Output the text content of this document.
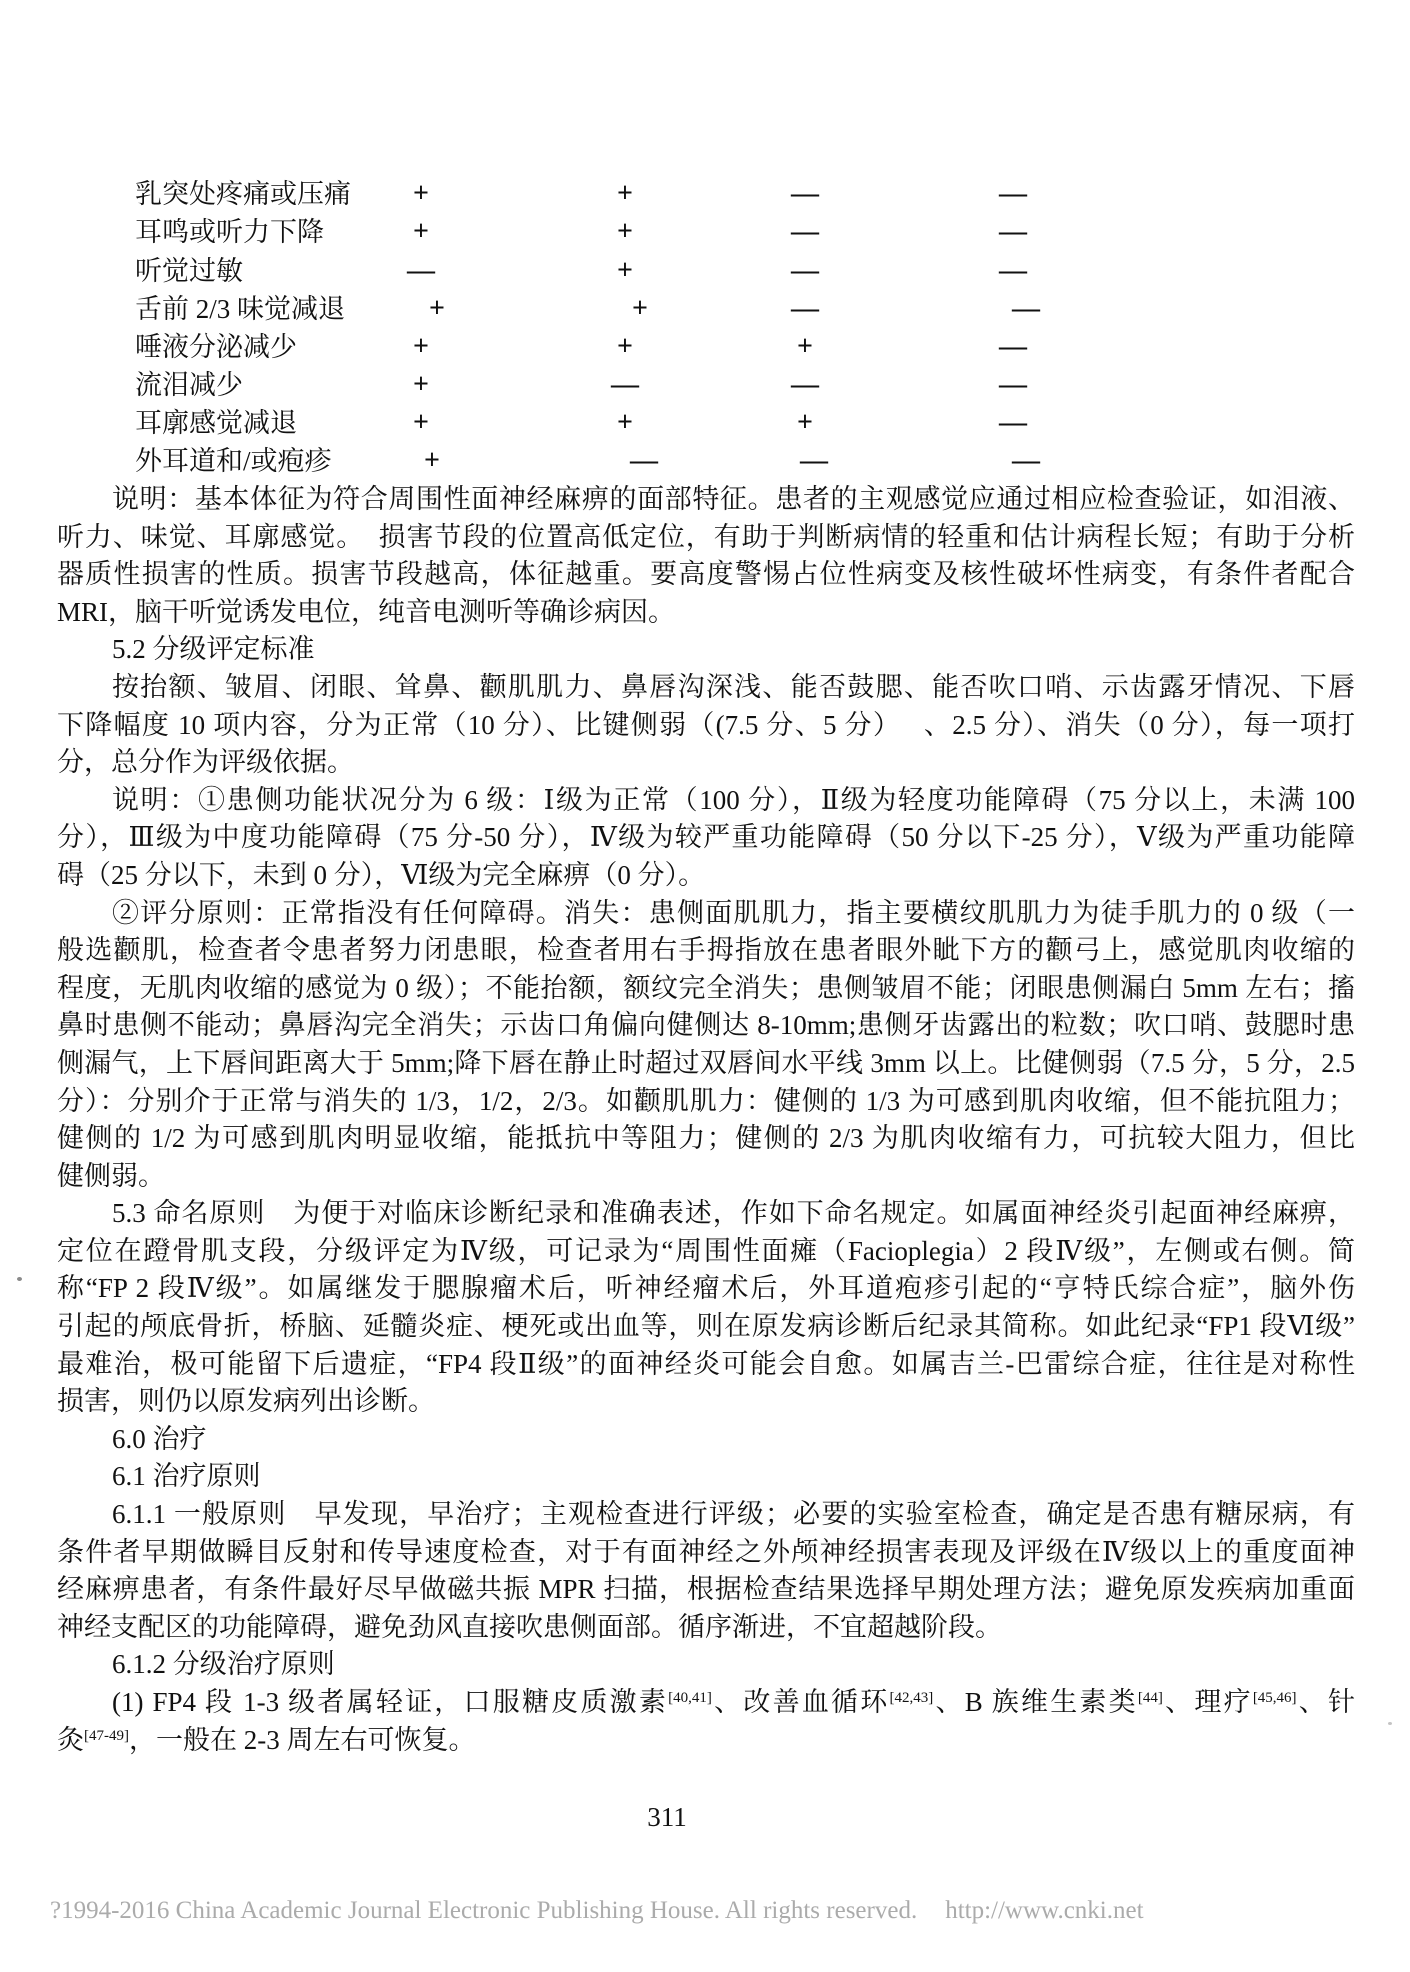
乳突处疼痛或压痛	+	+	—	—
耳鸣或听力下降	+	+	—	—
听觉过敏	—	+	—	—
舌前 2/3 味觉减退	+	+	—	—
唾液分泌减少	+	+	+	—
流泪减少	+	—	—	—
耳廓感觉减退	+	+	+	—
外耳道和/或疱疹	+	—	—	—
说明：基本体征为符合周围性面神经麻痹的面部特征。患者的主观感觉应通过相应检查验证，如泪液、
听力、味觉、耳廓感觉。　损害节段的位置高低定位，有助于判断病情的轻重和估计病程长短；有助于分析
器质性损害的性质。损害节段越高，体征越重。要高度警惕占位性病变及核性破坏性病变，有条件者配合
MRI，脑干听觉诱发电位，纯音电测听等确诊病因。
5.2 分级评定标准
按抬额、皱眉、闭眼、耸鼻、颧肌肌力、鼻唇沟深浅、能否鼓腮、能否吹口哨、示齿露牙情况、下唇
下降幅度 10 项内容，分为正常（10 分）、比键侧弱（(7.5 分、5 分）　 、2.5 分）、消失（0 分），每一项打
分，总分作为评级依据。
说明：①患侧功能状况分为 6 级：Ⅰ级为正常（100 分），Ⅱ级为轻度功能障碍（75 分以上，未满 100
分），Ⅲ级为中度功能障碍（75 分-50 分），Ⅳ级为较严重功能障碍（50 分以下-25 分），Ⅴ级为严重功能障
碍（25 分以下，未到 0 分），Ⅵ级为完全麻痹（0 分）。
②评分原则：正常指没有任何障碍。消失：患侧面肌肌力，指主要横纹肌肌力为徒手肌力的 0 级（一
般选颧肌，检查者令患者努力闭患眼，检查者用右手拇指放在患者眼外眦下方的颧弓上，感觉肌肉收缩的
程度，无肌肉收缩的感觉为 0 级）；不能抬额，额纹完全消失；患侧皱眉不能；闭眼患侧漏白 5mm 左右；搐
鼻时患侧不能动；鼻唇沟完全消失；示齿口角偏向健侧达 8-10mm;患侧牙齿露出的粒数；吹口哨、鼓腮时患
侧漏气，上下唇间距离大于 5mm;降下唇在静止时超过双唇间水平线 3mm 以上。比健侧弱（7.5 分，5 分，2.5
分）：分别介于正常与消失的 1/3，1/2，2/3。如颧肌肌力：健侧的 1/3 为可感到肌肉收缩，但不能抗阻力；
健侧的 1/2 为可感到肌肉明显收缩，能抵抗中等阻力；健侧的 2/3 为肌肉收缩有力，可抗较大阻力，但比
健侧弱。
5.3 命名原则　为便于对临床诊断纪录和准确表述，作如下命名规定。如属面神经炎引起面神经麻痹，
定位在蹬骨肌支段，分级评定为Ⅳ级，可记录为“周围性面瘫（Facioplegia）2 段Ⅳ级”，左侧或右侧。简
称“FP 2 段Ⅳ级”。如属继发于腮腺瘤术后，听神经瘤术后，外耳道疱疹引起的“亨特氏综合症”，脑外伤
引起的颅底骨折，桥脑、延髓炎症、梗死或出血等，则在原发病诊断后纪录其简称。如此纪录“FP1 段Ⅵ级”
最难治，极可能留下后遗症，“FP4 段Ⅱ级”的面神经炎可能会自愈。如属吉兰-巴雷综合症，往往是对称性
损害，则仍以原发病列出诊断。
6.0 治疗
6.1 治疗原则
6.1.1 一般原则　早发现，早治疗；主观检查进行评级；必要的实验室检查，确定是否患有糖尿病，有
条件者早期做瞬目反射和传导速度检查，对于有面神经之外颅神经损害表现及评级在Ⅳ级以上的重度面神
经麻痹患者，有条件最好尽早做磁共振 MPR 扫描，根据检查结果选择早期处理方法；避免原发疾病加重面
神经支配区的功能障碍，避免劲风直接吹患侧面部。循序渐进，不宜超越阶段。
6.1.2 分级治疗原则
(1) FP4 段 1-3 级者属轻证，口服糖皮质激素[40,41]、改善血循环[42,43]、B 族维生素类[44]、理疗[45,46]、针
灸[47-49]，一般在 2-3 周左右可恢复。
311
?1994-2016 China Academic Journal Electronic Publishing House. All rights reserved. http://www.cnki.net
